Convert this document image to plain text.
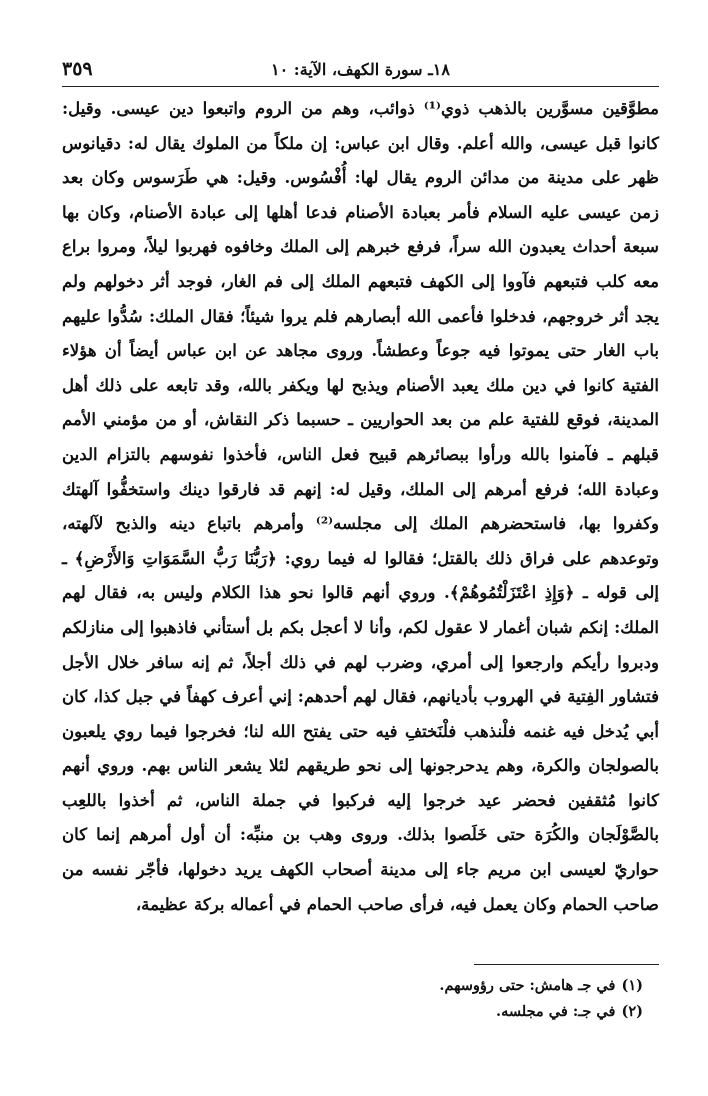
٣٥٩	١٨ـ سورة الكهف، الآية: ١٠

مطوَّقين مسوَّرين بالذهب ذوي⁽¹⁾ ذوائب، وهم من الروم واتبعوا دين عيسى. وقيل: كانوا قبل عيسى، والله أعلم. وقال ابن عباس: إن ملكاً من الملوك يقال له: دقيانوس ظهر على مدينة من مدائن الروم يقال لها: أُفْسُوس. وقيل: هي طَرَسوس وكان بعد زمن عيسى عليه السلام فأمر بعبادة الأصنام فدعا أهلها إلى عبادة الأصنام، وكان بها سبعة أحداث يعبدون الله سراً، فرفع خبرهم إلى الملك وخافوه فهربوا ليلاً، ومروا براع معه كلب فتبعهم فآووا إلى الكهف فتبعهم الملك إلى فم الغار، فوجد أثر دخولهم ولم يجد أثر خروجهم، فدخلوا فأعمى الله أبصارهم فلم يروا شيئاً؛ فقال الملك: سُدُّوا عليهم باب الغار حتى يموتوا فيه جوعاً وعطشاً. وروى مجاهد عن ابن عباس أيضاً أن هؤلاء الفتية كانوا في دين ملك يعبد الأصنام ويذبح لها ويكفر بالله، وقد تابعه على ذلك أهل المدينة، فوقع للفتية علم من بعد الحواريين ـ حسبما ذكر النقاش، أو من مؤمني الأمم قبلهم ـ فآمنوا بالله ورأوا ببصائرهم قبيح فعل الناس، فأخذوا نفوسهم بالتزام الدين وعبادة الله؛ فرفع أمرهم إلى الملك، وقيل له: إنهم قد فارقوا دينك واستخفُّوا آلهتك وكفروا بها، فاستحضرهم الملك إلى مجلسه⁽²⁾ وأمرهم باتباع دينه والذبح لآلهته، وتوعدهم على فراق ذلك بالقتل؛ فقالوا له فيما روي: ﴿رَبُّنَا رَبُّ السَّمَوَاتِ وَالأَرْضِ﴾ ـ إلى قوله ـ ﴿وَإِذِ اعْتَزَلْتُمُوهُمْ﴾. وروي أنهم قالوا نحو هذا الكلام وليس به، فقال لهم الملك: إنكم شبان أغمار لا عقول لكم، وأنا لا أعجل بكم بل أستأني فاذهبوا إلى منازلكم ودبروا رأيكم وارجعوا إلى أمري، وضرب لهم في ذلك أجلاً، ثم إنه سافر خلال الأجل فتشاور الفِتية في الهروب بأديانهم، فقال لهم أحدهم: إني أعرف كهفاً في جبل كذا، كان أبي يُدخل فيه غنمه فلْنذهب فلْنَختفِ فيه حتى يفتح الله لنا؛ فخرجوا فيما روي يلعبون بالصولجان والكرة، وهم يدحرجونها إلى نحو طريقهم لئلا يشعر الناس بهم. وروي أنهم كانوا مُثقفين فحضر عيد خرجوا إليه فركبوا في جملة الناس، ثم أخذوا باللعِب بالصَّوْلَجان والكُرَة حتى خَلَصوا بذلك. وروى وهب بن منبِّه: أن أول أمرهم إنما كان حواريّ لعيسى ابن مريم جاء إلى مدينة أصحاب الكهف يريد دخولها، فأجّر نفسه من صاحب الحمام وكان يعمل فيه، فرأى صاحب الحمام في أعماله بركة عظيمة،

(١)في جـ هامش: حتى رؤوسهم.
(٢)في جـ: في مجلسه.
